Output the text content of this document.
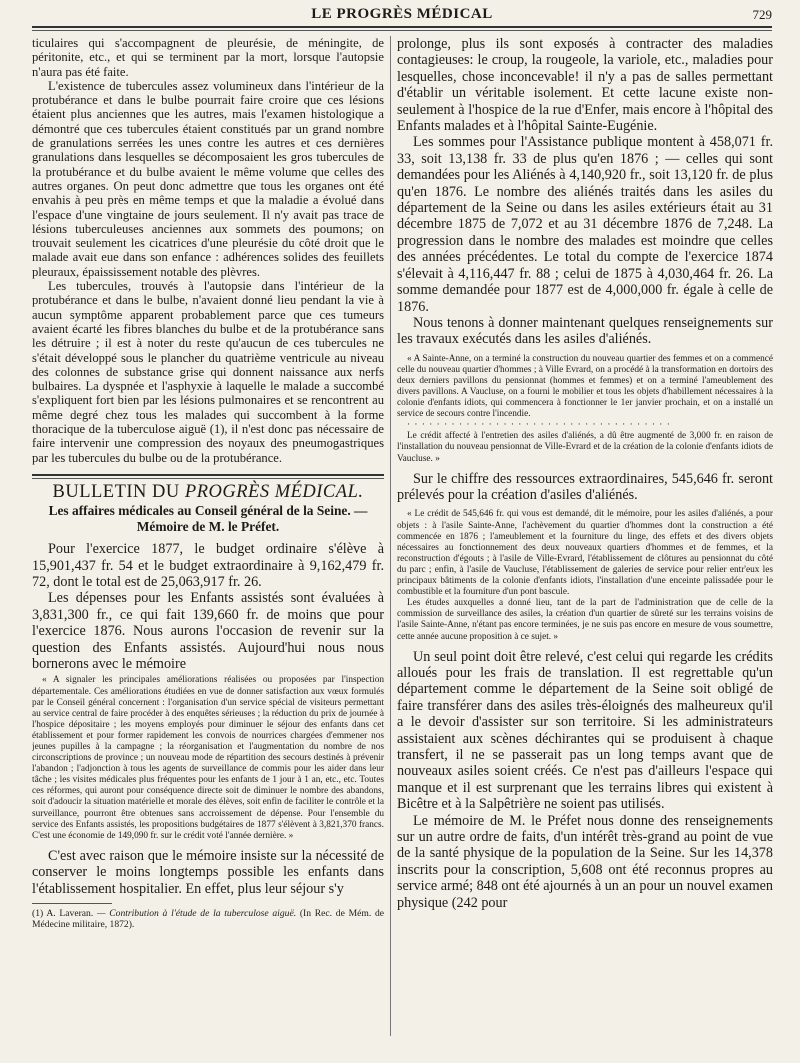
LE PROGRÈS MÉDICAL	729

ticulaires qui s'accompagnent de pleurésie, de méningite, de péritonite, etc., et qui se terminent par la mort, lorsque l'autopsie n'aura pas été faite.

L'existence de tubercules assez volumineux dans l'intérieur de la protubérance et dans le bulbe pourrait faire croire que ces lésions étaient plus anciennes que les autres, mais l'examen histologique a démontré que ces tubercules étaient constitués par un grand nombre de granulations serrées les unes contre les autres et ces dernières granulations dans lesquelles se décomposaient les gros tubercules de la protubérance et du bulbe avaient le même volume que celles des autres organes. On peut donc admettre que tous les organes ont été envahis à peu près en même temps et que la maladie a évolué dans l'espace d'une vingtaine de jours seulement. Il n'y avait pas trace de lésions tuberculeuses anciennes aux sommets des poumons; on trouvait seulement les cicatrices d'une pleurésie du côté droit que le malade avait eue dans son enfance : adhérences solides des feuillets pleuraux, épaississement notable des plèvres.

Les tubercules, trouvés à l'autopsie dans l'intérieur de la protubérance et dans le bulbe, n'avaient donné lieu pendant la vie à aucun symptôme apparent probablement parce que ces tumeurs avaient écarté les fibres blanches du bulbe et de la protubérance sans les détruire ; il est à noter du reste qu'aucun de ces tubercules ne s'était développé sous le plancher du quatrième ventricule au niveau des colonnes de substance grise qui donnent naissance aux nerfs bulbaires. La dyspnée et l'asphyxie à laquelle le malade a succombé s'expliquent fort bien par les lésions pulmonaires et se rencontrent au même degré chez tous les malades qui succombent à la forme thoracique de la tuberculose aiguë (1), il n'est donc pas nécessaire de faire intervenir une compression des noyaux des pneumogastriques par les tubercules du bulbe ou de la protubérance.

BULLETIN DU PROGRÈS MÉDICAL.
Les affaires médicales au Conseil général de la Seine. — Mémoire de M. le Préfet.

Pour l'exercice 1877, le budget ordinaire s'élève à 15,901,437 fr. 54 et le budget extraordinaire à 9,162,479 fr. 72, dont le total est de 25,063,917 fr. 26.

Les dépenses pour les Enfants assistés sont évaluées à 3,831,300 fr., ce qui fait 139,660 fr. de moins que pour l'exercice 1876. Nous aurons l'occasion de revenir sur la question des Enfants assistés. Aujourd'hui nous nous bornerons avec le mémoire

« A signaler les principales améliorations réalisées ou proposées par l'inspection départementale. Ces améliorations étudiées en vue de donner satisfaction aux vœux formulés par le Conseil général concernent : l'organisation d'un service spécial de visiteurs permettant au service central de faire procéder à des enquêtes sérieuses ; la réduction du prix de journée à l'hospice dépositaire ; les moyens employés pour diminuer le séjour des enfants dans cet établissement et pour former rapidement les convois de nourrices chargées d'emmener nos jeunes pupilles à la campagne ; la réorganisation et l'augmentation du nombre de nos circonscriptions de province ; un nouveau mode de répartition des secours destinés à prévenir l'abandon ; l'adjonction à tous les agents de surveillance de commis pour les aider dans leur tâche ; les visites médicales plus fréquentes pour les enfants de 1 jour à 1 an, etc., etc. Toutes ces réformes, qui auront pour conséquence directe soit de diminuer le nombre des abandons, soit d'adoucir la situation matérielle et morale des élèves, soit enfin de faciliter le contrôle et la surveillance, pourront être obtenues sans accroissement de dépense. Pour l'ensemble du service des Enfants assistés, les propositions budgétaires de 1877 s'élèvent à 3,821,370 francs. C'est une économie de 149,090 fr. sur le crédit voté l'année dernière. »

C'est avec raison que le mémoire insiste sur la nécessité de conserver le moins longtemps possible les enfants dans l'établissement hospitalier. En effet, plus leur séjour s'y

(1) A. Laveran. — Contribution à l'étude de la tuberculose aiguë. (In Rec. de Mém. de Médecine militaire, 1872).

prolonge, plus ils sont exposés à contracter des maladies contagieuses: le croup, la rougeole, la variole, etc., maladies pour lesquelles, chose inconcevable! il n'y a pas de salles permettant d'établir un véritable isolement. Et cette lacune existe non-seulement à l'hospice de la rue d'Enfer, mais encore à l'hôpital des Enfants malades et à l'hôpital Sainte-Eugénie.

Les sommes pour l'Assistance publique montent à 458,071 fr. 33, soit 13,138 fr. 33 de plus qu'en 1876 ; — celles qui sont demandées pour les Aliénés à 4,140,920 fr., soit 13,120 fr. de plus qu'en 1876. Le nombre des aliénés traités dans les asiles du département de la Seine ou dans les asiles extérieurs était au 31 décembre 1875 de 7,072 et au 31 décembre 1876 de 7,248. La progression dans le nombre des malades est moindre que celles des années précédentes. Le total du compte de l'exercice 1874 s'élevait à 4,116,447 fr. 88 ; celui de 1875 à 4,030,464 fr. 26. La somme demandée pour 1877 est de 4,000,000 fr. égale à celle de 1876.

Nous tenons à donner maintenant quelques renseignements sur les travaux exécutés dans les asiles d'aliénés.

« A Sainte-Anne, on a terminé la construction du nouveau quartier des femmes et on a commencé celle du nouveau quartier d'hommes ; à Ville Evrard, on a procédé à la transformation en dortoirs des deux derniers pavillons du pensionnat (hommes et femmes) et on a terminé l'ameublement des divers pavillons. A Vaucluse, on a fourni le mobilier et tous les objets d'habillement nécessaires à la colonie d'enfants idiots, qui commencera à fonctionner le 1er janvier prochain, et on a installé un service de secours contre l'incendie.

· · · · · · · · · · · · · · · · · · · · · · · · · · · · · · · · · · · ·

Le crédit affecté à l'entretien des asiles d'aliénés, a dû être augmenté de 3,000 fr. en raison de l'installation du nouveau pensionnat de Ville-Evrard et de la création de la colonie d'enfants idiots de Vaucluse. »

Sur le chiffre des ressources extraordinaires, 545,646 fr. seront prélevés pour la création d'asiles d'aliénés.

« Le crédit de 545,646 fr. qui vous est demandé, dit le mémoire, pour les asiles d'aliénés, a pour objets : à l'asile Sainte-Anne, l'achèvement du quartier d'hommes dont la construction a été commencée en 1876 ; l'ameublement et la fourniture du linge, des effets et des divers objets nécessaires au fonctionnement des deux nouveaux quartiers d'hommes et de femmes, et la reconstruction d'égouts ; à l'asile de Ville-Evrard, l'établissement de clôtures au pensionnat du côté du parc ; enfin, à l'asile de Vaucluse, l'établissement de galeries de service pour relier entr'eux les principaux bâtiments de la colonie d'enfants idiots, l'installation d'une enceinte palissadée pour le combustible et la fourniture d'un pont bascule.

Les études auxquelles a donné lieu, tant de la part de l'administration que de celle de la commission de surveillance des asiles, la création d'un quartier de sûreté sur les terrains voisins de l'asile Sainte-Anne, n'étant pas encore terminées, je ne suis pas encore en mesure de vous soumettre, cette année aucune proposition à ce sujet. »

Un seul point doit être relevé, c'est celui qui regarde les crédits alloués pour les frais de translation. Il est regrettable qu'un département comme le département de la Seine soit obligé de faire transférer dans des asiles très-éloignés des malheureux qu'il a le devoir d'assister sur son territoire. Si les administrateurs assistaient aux scènes déchirantes qui se produisent à chaque transfert, il ne se passerait pas un long temps avant que de nouveaux asiles soient créés. Ce n'est pas d'ailleurs l'espace qui manque et il est surprenant que les terrains libres qui existent à Bicêtre et à la Salpêtrière ne soient pas utilisés.

Le mémoire de M. le Préfet nous donne des renseignements sur un autre ordre de faits, d'un intérêt très-grand au point de vue de la santé physique de la population de la Seine. Sur les 14,378 inscrits pour la conscription, 5,608 ont été reconnus propres au service armé; 848 ont été ajournés à un an pour un nouvel examen physique (242 pour
